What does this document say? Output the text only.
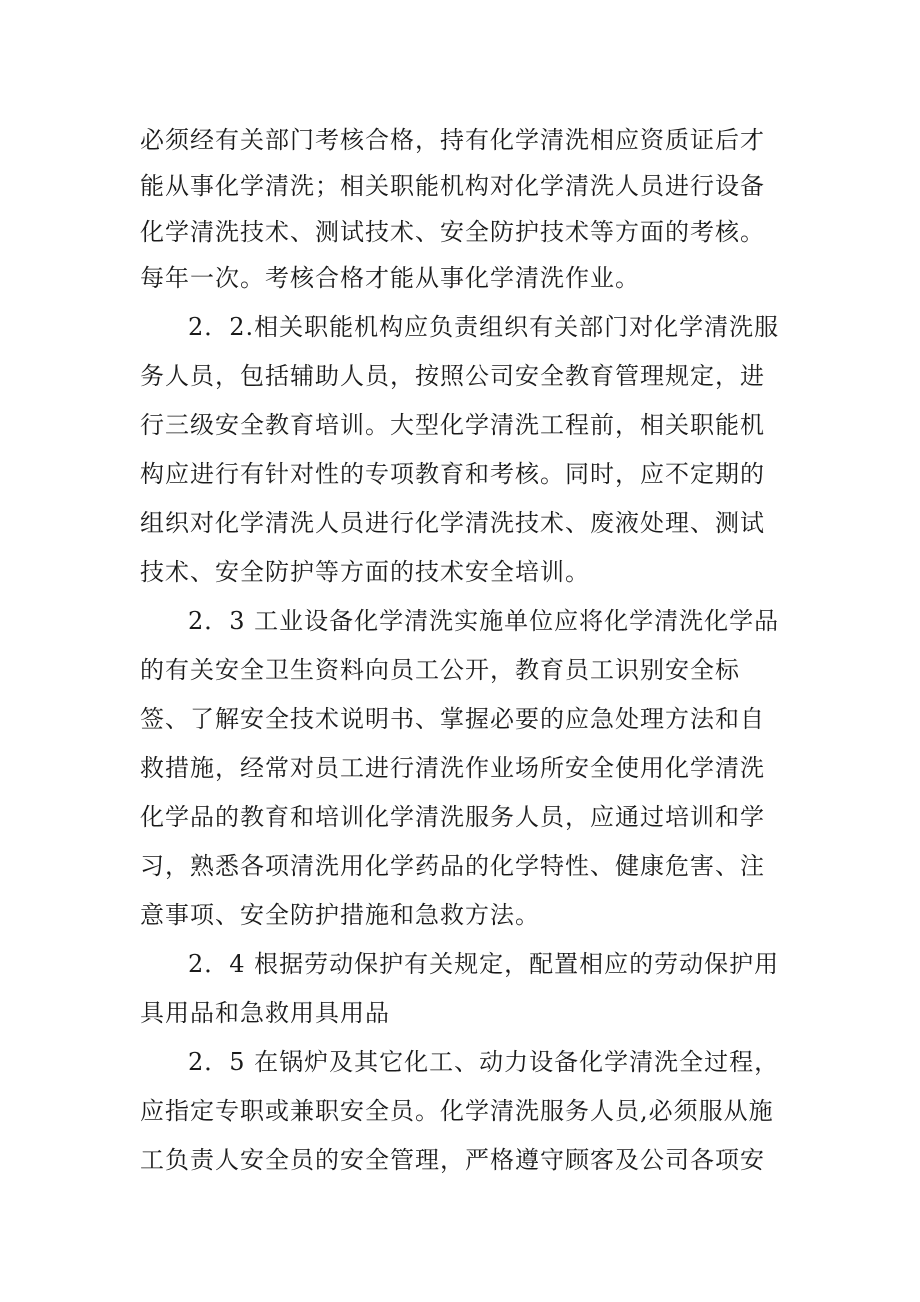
必须经有关部门考核合格，持有化学清洗相应资质证后才
能从事化学清洗；相关职能机构对化学清洗人员进行设备
化学清洗技术、测试技术、安全防护技术等方面的考核。
每年一次。考核合格才能从事化学清洗作业。
2．2.相关职能机构应负责组织有关部门对化学清洗服
务人员，包括辅助人员，按照公司安全教育管理规定，进
行三级安全教育培训。大型化学清洗工程前，相关职能机
构应进行有针对性的专项教育和考核。同时，应不定期的
组织对化学清洗人员进行化学清洗技术、废液处理、测试
技术、安全防护等方面的技术安全培训。
2．3 工业设备化学清洗实施单位应将化学清洗化学品
的有关安全卫生资料向员工公开，教育员工识别安全标
签、了解安全技术说明书、掌握必要的应急处理方法和自
救措施，经常对员工进行清洗作业场所安全使用化学清洗
化学品的教育和培训化学清洗服务人员，应通过培训和学
习，熟悉各项清洗用化学药品的化学特性、健康危害、注
意事项、安全防护措施和急救方法。
2．4 根据劳动保护有关规定，配置相应的劳动保护用
具用品和急救用具用品
2．5 在锅炉及其它化工、动力设备化学清洗全过程，
应指定专职或兼职安全员。化学清洗服务人员,必须服从施
工负责人安全员的安全管理，严格遵守顾客及公司各项安
